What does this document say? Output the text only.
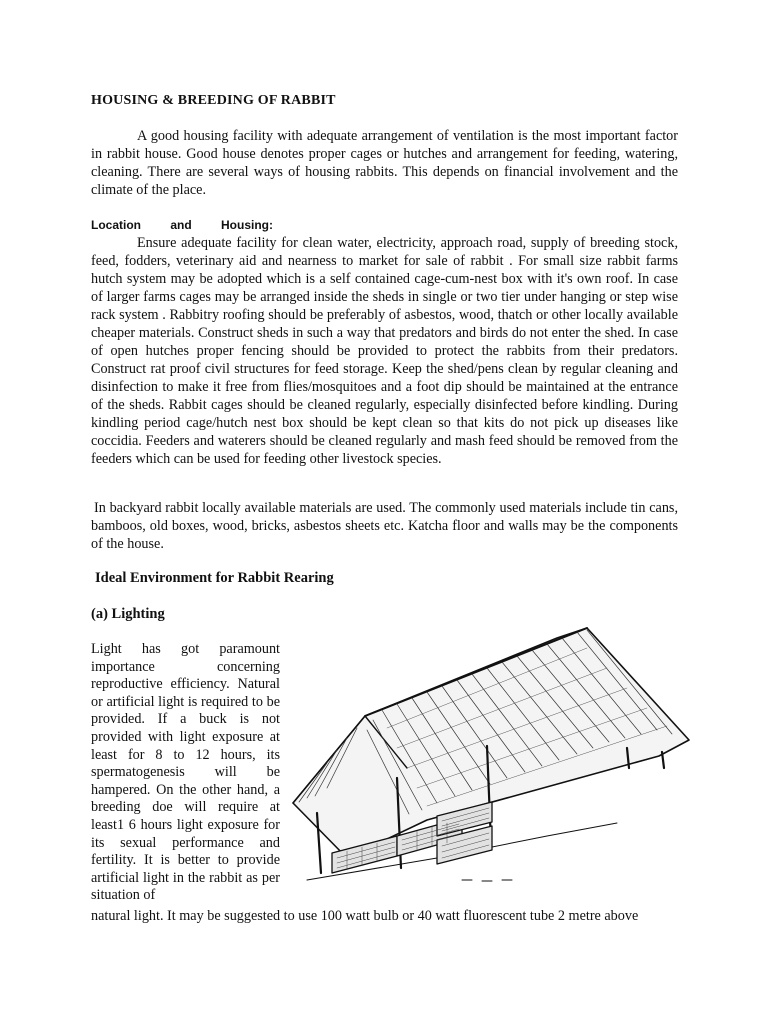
HOUSING & BREEDING OF RABBIT
A good housing facility with adequate arrangement of ventilation is the most important factor in rabbit house. Good house denotes proper cages or hutches and arrangement for feeding, watering, cleaning. There are several ways of housing rabbits. This depends on financial involvement and the climate of the place.
Location and Housing:
Ensure adequate facility for clean water, electricity, approach road, supply of breeding stock, feed, fodders, veterinary aid and nearness to market for sale of rabbit . For small size rabbit farms hutch system may be adopted which is a self contained cage-cum-nest box with it's own roof. In case of larger farms cages may be arranged inside the sheds in single or two tier under hanging or step wise rack system . Rabbitry roofing should be preferably of asbestos, wood, thatch or other locally available cheaper materials. Construct sheds in such a way that predators and birds do not enter the shed. In case of open hutches proper fencing should be provided to protect the rabbits from their predators. Construct rat proof civil structures for feed storage. Keep the shed/pens clean by regular cleaning and disinfection to make it free from flies/mosquitoes and a foot dip should be maintained at the entrance of the sheds. Rabbit cages should be cleaned regularly, especially disinfected before kindling. During kindling period cage/hutch nest box should be kept clean so that kits do not pick up diseases like coccidia. Feeders and waterers should be cleaned regularly and mash feed should be removed from the feeders which can be used for feeding other livestock species.
In backyard rabbit locally available materials are used. The commonly used materials include tin cans, bamboos, old boxes, wood, bricks, asbestos sheets etc. Katcha floor and walls may be the components of the house.
Ideal Environment for Rabbit Rearing
(a) Lighting
Light has got paramount importance concerning reproductive efficiency. Natural or artificial light is required to be provided. If a buck is not provided with light exposure at least for 8 to 12 hours, its spermatogenesis will be hampered. On the other hand, a breeding doe will require at least1 6 hours light exposure for its sexual performance and fertility. It is better to provide artificial light in the rabbit as per situation of
natural light. It may be suggested to use 100 watt bulb or 40 watt fluorescent tube 2 metre above
